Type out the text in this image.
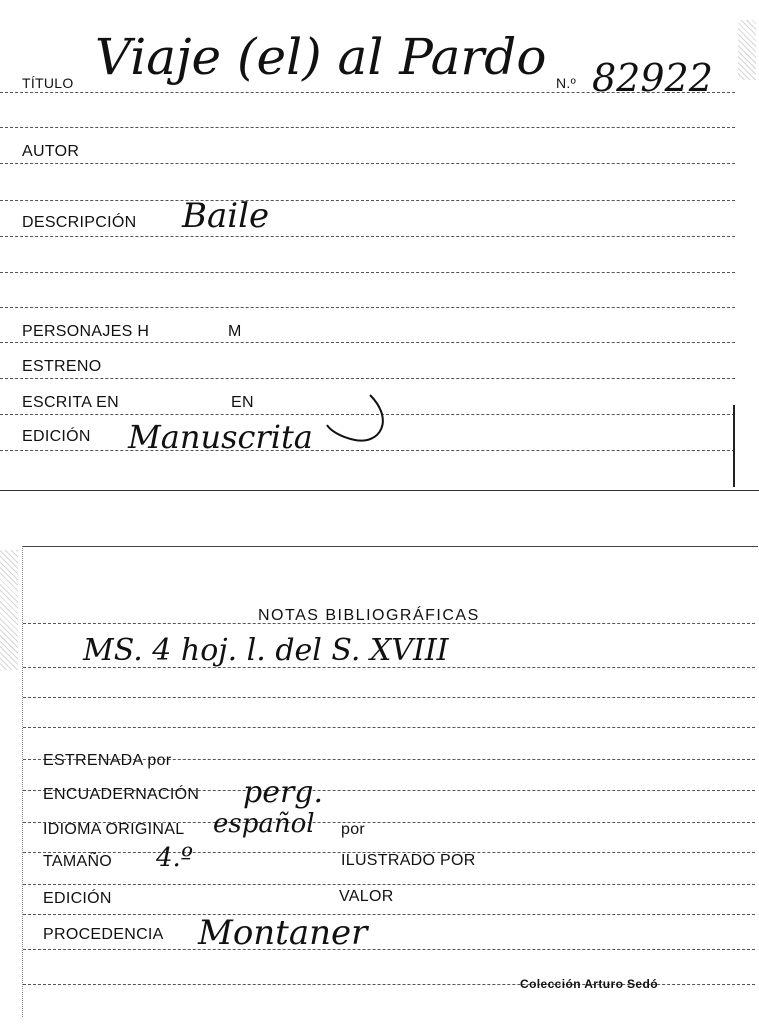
TÍTULO Viaje (el) al Pardo N.º 82922
AUTOR
DESCRIPCIÓN Baile
PERSONAJES H	M
ESTRENO
ESCRITA EN	EN
EDICIÓN Manuscrita
NOTAS BIBLIOGRÁFICAS
MS. 4 hoj. l. del S. XVIII
ESTRENADA por
ENCUADERNACIÓN perg.
IDIOMA ORIGINAL español por
TAMAÑO 4.º	ILUSTRADO POR
EDICIÓN	VALOR
PROCEDENCIA Montaner
Colección Arturo Sedó
